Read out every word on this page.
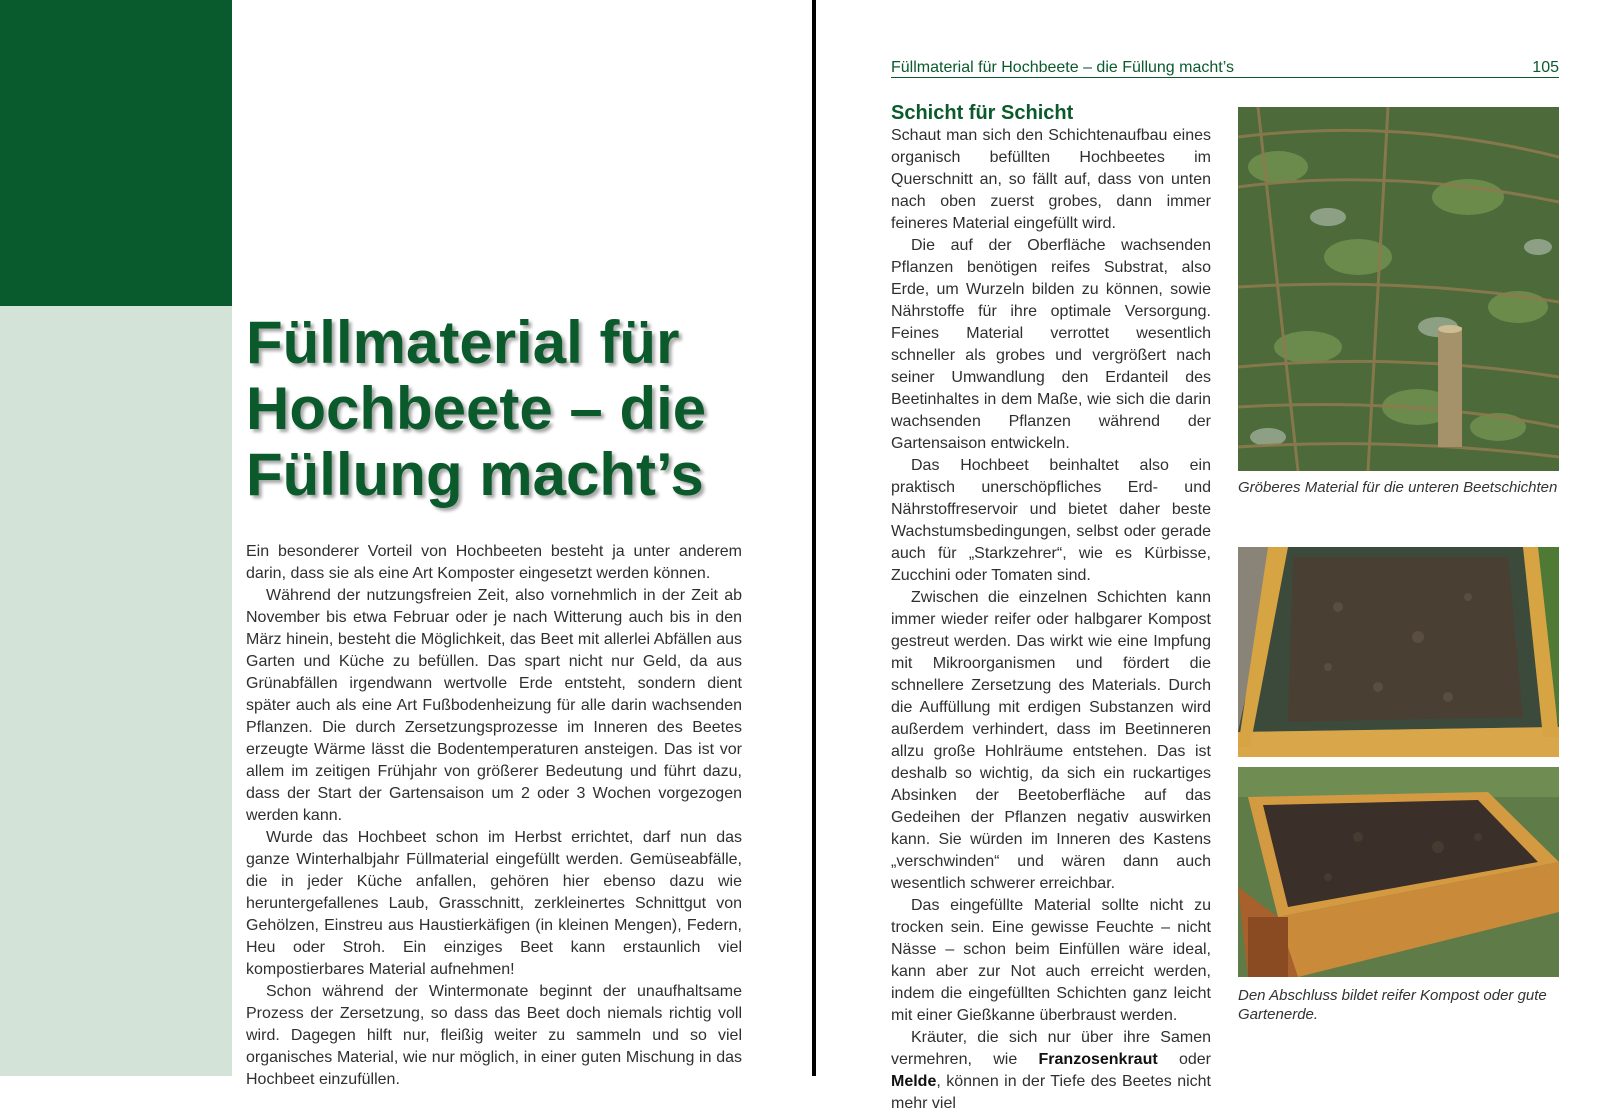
Füllmaterial für
Hochbeete – die
Füllung macht’s

Ein besonderer Vorteil von Hochbeeten besteht ja unter anderem darin, dass sie als eine Art Komposter eingesetzt werden können.

Während der nutzungsfreien Zeit, also vornehmlich in der Zeit ab November bis etwa Februar oder je nach Witterung auch bis in den März hinein, besteht die Möglichkeit, das Beet mit allerlei Abfällen aus Garten und Küche zu befüllen. Das spart nicht nur Geld, da aus Grünabfällen irgendwann wertvolle Erde entsteht, sondern dient später auch als eine Art Fußbodenheizung für alle darin wachsenden Pflanzen. Die durch Zersetzungsprozesse im Inneren des Beetes erzeugte Wärme lässt die Bodentemperaturen ansteigen. Das ist vor allem im zeitigen Frühjahr von größerer Bedeutung und führt dazu, dass der Start der Gartensaison um 2 oder 3 Wochen vorgezogen werden kann.

Wurde das Hochbeet schon im Herbst errichtet, darf nun das ganze Winterhalbjahr Füllmaterial eingefüllt werden. Gemüseabfälle, die in jeder Küche anfallen, gehören hier ebenso dazu wie heruntergefallenes Laub, Grasschnitt, zerkleinertes Schnittgut von Gehölzen, Einstreu aus Haustierkäfigen (in kleinen Mengen), Federn, Heu oder Stroh. Ein einziges Beet kann erstaunlich viel kompostierbares Material aufnehmen!

Schon während der Wintermonate beginnt der unaufhaltsame Prozess der Zersetzung, so dass das Beet doch niemals richtig voll wird. Dagegen hilft nur, fleißig weiter zu sammeln und so viel organisches Material, wie nur möglich, in einer guten Mischung in das Hochbeet einzufüllen.

Füllmaterial für Hochbeete – die Füllung macht’s	105
Schicht für Schicht

Schaut man sich den Schichtenaufbau eines organisch befüllten Hochbeetes im Querschnitt an, so fällt auf, dass von unten nach oben zuerst grobes, dann immer feineres Material eingefüllt wird.

Die auf der Oberfläche wachsenden Pflanzen benötigen reifes Substrat, also Erde, um Wurzeln bilden zu können, sowie Nährstoffe für ihre optimale Versorgung. Feines Material verrottet wesentlich schneller als grobes und vergrößert nach seiner Umwandlung den Erdanteil des Beetinhaltes in dem Maße, wie sich die darin wachsenden Pflanzen während der Gartensaison entwickeln.

Das Hochbeet beinhaltet also ein praktisch unerschöpfliches Erd- und Nährstoffreservoir und bietet daher beste Wachstumsbedingungen, selbst oder gerade auch für „Starkzehrer“, wie es Kürbisse, Zucchini oder Tomaten sind.

Zwischen die einzelnen Schichten kann immer wieder reifer oder halbgarer Kompost gestreut werden. Das wirkt wie eine Impfung mit Mikroorganismen und fördert die schnellere Zersetzung des Materials. Durch die Auffüllung mit erdigen Substanzen wird außerdem verhindert, dass im Beetinneren allzu große Hohlräume entstehen. Das ist deshalb so wichtig, da sich ein ruckartiges Absinken der Beetoberfläche auf das Gedeihen der Pflanzen negativ auswirken kann. Sie würden im Inneren des Kastens „verschwinden“ und wären dann auch wesentlich schwerer erreichbar.

Das eingefüllte Material sollte nicht zu trocken sein. Eine gewisse Feuchte – nicht Nässe – schon beim Einfüllen wäre ideal, kann aber zur Not auch erreicht werden, indem die eingefüllten Schichten ganz leicht mit einer Gießkanne überbraust werden.

Kräuter, die sich nur über ihre Samen vermehren, wie Franzosenkraut oder Melde, können in der Tiefe des Beetes nicht mehr viel

Gröberes Material für die unteren Beetschichten

Den Abschluss bildet reifer Kompost oder gute Gartenerde.
